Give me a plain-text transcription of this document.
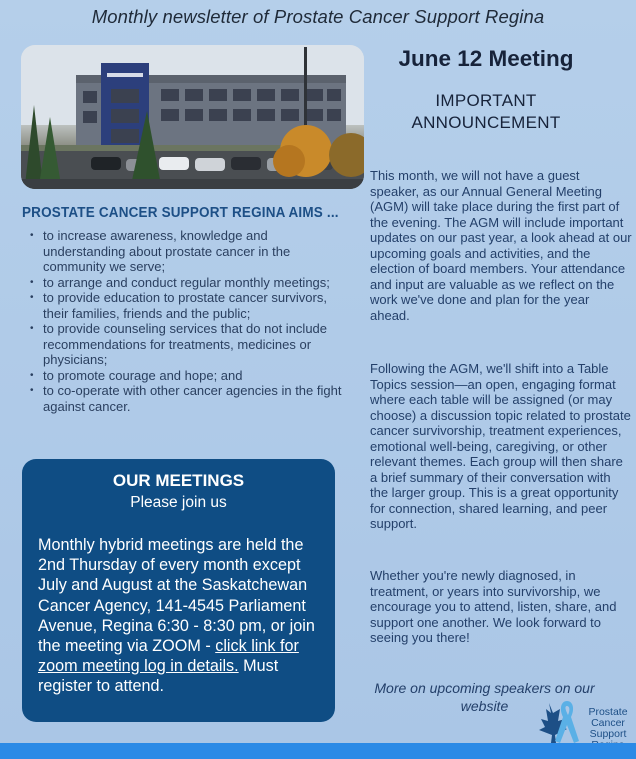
Monthly newsletter of Prostate Cancer Support Regina
PROSTATE CANCER SUPPORT REGINA AIMS ...
• to increase awareness, knowledge and understanding about prostate cancer in the community we serve;
• to arrange and conduct regular monthly meetings;
• to provide education to prostate cancer survivors, their families, friends and the public;
• to provide counseling services that do not include recommendations for treatments, medicines or physicians;
• to promote courage and hope; and
• to co-operate with other cancer agencies in the fight against cancer.
OUR MEETINGS
Please join us
Monthly hybrid meetings are held the 2nd Thursday of every month except July and August at the Saskatchewan Cancer Agency, 141-4545 Parliament Avenue, Regina 6:30 - 8:30 pm, or join the meeting via ZOOM - click link for zoom meeting log in details. Must register to attend.
June 12 Meeting
IMPORTANT
ANNOUNCEMENT

This month, we will not have a guest speaker, as our Annual General Meeting (AGM) will take place during the first part of the evening. The AGM will include important updates on our past year, a look ahead at our upcoming goals and activities, and the election of board members. Your attendance and input are valuable as we reflect on the work we've done and plan for the year ahead.

Following the AGM, we'll shift into a Table Topics session—an open, engaging format where each table will be assigned (or may choose) a discussion topic related to prostate cancer survivorship, treatment experiences, emotional well-being, caregiving, or other relevant themes. Each group will then share a brief summary of their conversation with the larger group. This is a great opportunity for connection, shared learning, and peer support.

Whether you're newly diagnosed, in treatment, or years into survivorship, we encourage you to attend, listen, share, and support one another. We look forward to seeing you there!

More on upcoming speakers on our website	Prostate
Cancer
Support
